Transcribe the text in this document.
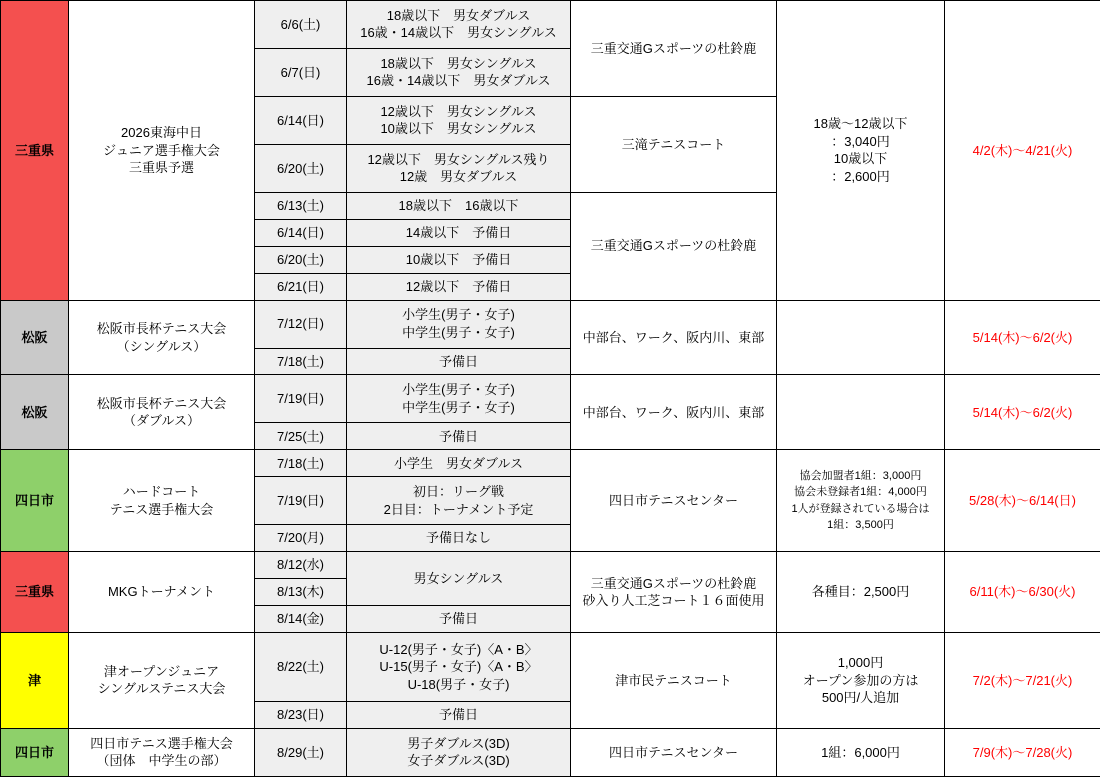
三重県	2026東海中日
ジュニア選手権大会
三重県予選	6/6(土)	18歳以下　男女ダブルス
16歳・14歳以下　男女シングルス	三重交通Gスポーツの杜鈴鹿	18歳〜12歳以下
：3,040円
10歳以下
：2,600円	4/2(木)〜4/21(火)
		6/7(日)	18歳以下　男女シングルス
16歳・14歳以下　男女ダブルス			
		6/14(日)	12歳以下　男女シングルス
10歳以下　男女シングルス	三滝テニスコート		
		6/20(土)	12歳以下　男女シングルス残り
12歳　男女ダブルス			
		6/13(土)	18歳以下　16歳以下	三重交通Gスポーツの杜鈴鹿		
		6/14(日)	14歳以下　予備日			
		6/20(土)	10歳以下　予備日			
		6/21(日)	12歳以下　予備日			
松阪	松阪市長杯テニス大会
（シングルス）	7/12(日)	小学生(男子・女子)
中学生(男子・女子)	中部台、ワーク、阪内川、東部		5/14(木)〜6/2(火)
		7/18(土)	予備日			
松阪	松阪市長杯テニス大会
（ダブルス）	7/19(日)	小学生(男子・女子)
中学生(男子・女子)	中部台、ワーク、阪内川、東部		5/14(木)〜6/2(火)
		7/25(土)	予備日			
四日市	ハードコート
テニス選手権大会	7/18(土)	小学生　男女ダブルス	四日市テニスセンター	協会加盟者1組：3,000円
協会未登録者1組：4,000円
1人が登録されている場合は
1組：3,500円	5/28(木)〜6/14(日)
		7/19(日)	初日：リーグ戦
2日目：トーナメント予定			
		7/20(月)	予備日なし			
三重県	MKGトーナメント	8/12(水)	男女シングルス	三重交通Gスポーツの杜鈴鹿
砂入り人工芝コート１６面使用	各種目：2,500円	6/11(木)〜6/30(火)
		8/13(木)				
		8/14(金)	予備日			
津	津オープンジュニア
シングルステニス大会	8/22(土)	U-12(男子・女子)〈A・B〉
U-15(男子・女子)〈A・B〉
U-18(男子・女子)	津市民テニスコート	1,000円
オープン参加の方は
500円/人追加	7/2(木)〜7/21(火)
		8/23(日)	予備日			
四日市	四日市テニス選手権大会
（団体　中学生の部）	8/29(土)	男子ダブルス(3D)
女子ダブルス(3D)	四日市テニスセンター	1組：6,000円	7/9(木)〜7/28(火)
